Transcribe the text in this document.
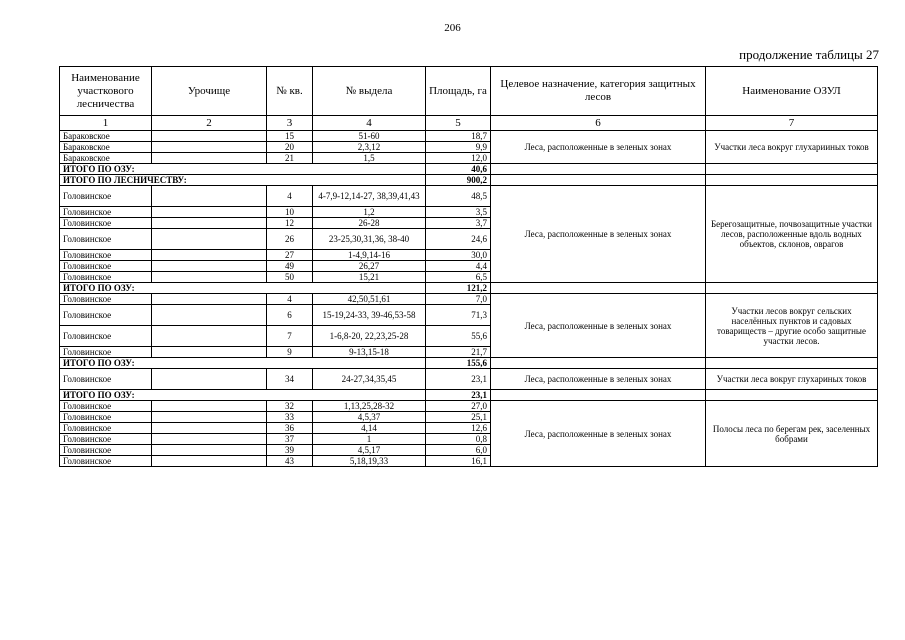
206
продолжение таблицы 27
Наименование участкового лесничества	Урочище	№ кв.	№ выдела	Площадь, га	Целевое назначение, категория защитных лесов	Наименование ОЗУЛ
1	2	3	4	5	6	7
Бараковское		15	51-60	18,7	Леса, расположенные в зеленых зонах	Участки леса вокруг глухарииных токов
Бараковское		20	2,3,12	9,9		
Бараковское		21	1,5	12,0		
ИТОГО ПО ОЗУ:				40,6		
ИТОГО ПО ЛЕСНИЧЕСТВУ:				900,2		
Головинское		4	4-7,9-12,14-27, 38,39,41,43	48,5	Леса, расположенные в зеленых зонах	Берегозащитные, почвозащитные участки лесов, расположенные вдоль водных объектов, склонов, оврагов
Головинское		10	1,2	3,5		
Головинское		12	26-28	3,7		
Головинское		26	23-25,30,31,36, 38-40	24,6		
Головинское		27	1-4,9,14-16	30,0		
Головинское		49	26,27	4,4		
Головинское		50	15,21	6,5		
ИТОГО ПО ОЗУ:				121,2		
Головинское		4	42,50,51,61	7,0	Леса, расположенные в зеленых зонах	Участки лесов вокруг сельских населённых пунктов и садовых товариществ – другие особо защитные участки лесов.
Головинское		6	15-19,24-33, 39-46,53-58	71,3		
Головинское		7	1-6,8-20, 22,23,25-28	55,6		
Головинское		9	9-13,15-18	21,7		
ИТОГО ПО ОЗУ:				155,6		
Головинское		34	24-27,34,35,45	23,1	Леса, расположенные в зеленых зонах	Участки леса вокруг глухариных токов
ИТОГО ПО ОЗУ:				23,1		
Головинское		32	1,13,25,28-32	27,0	Леса, расположенные в зеленых зонах	Полосы леса по берегам рек, заселенных бобрами
Головинское		33	4,5,37	25,1		
Головинское		36	4,14	12,6		
Головинское		37	1	0,8		
Головинское		39	4,5,17	6,0		
Головинское		43	5,18,19,33	16,1		
